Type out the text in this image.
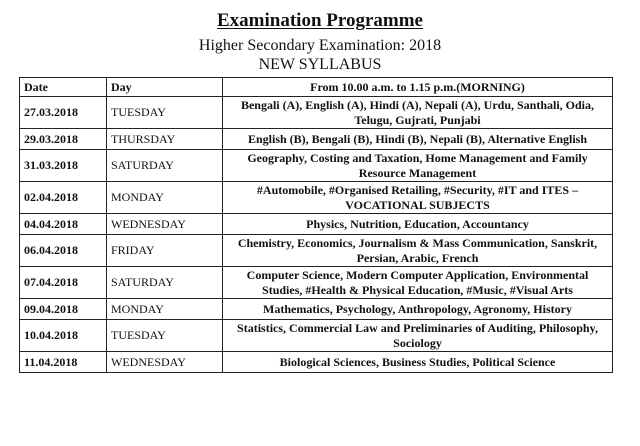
Examination Programme
Higher Secondary Examination: 2018
NEW SYLLABUS
Date	Day	From 10.00 a.m. to 1.15 p.m.(MORNING)
27.03.2018	TUESDAY	Bengali (A), English (A), Hindi (A), Nepali (A), Urdu, Santhali, Odia, Telugu, Gujrati, Punjabi
29.03.2018	THURSDAY	English (B), Bengali (B), Hindi (B), Nepali (B), Alternative English
31.03.2018	SATURDAY	Geography, Costing and Taxation, Home Management and Family Resource Management
02.04.2018	MONDAY	#Automobile, #Organised Retailing, #Security, #IT and ITES – VOCATIONAL SUBJECTS
04.04.2018	WEDNESDAY	Physics, Nutrition, Education, Accountancy
06.04.2018	FRIDAY	Chemistry, Economics, Journalism & Mass Communication, Sanskrit, Persian, Arabic, French
07.04.2018	SATURDAY	Computer Science, Modern Computer Application, Environmental Studies, #Health & Physical Education, #Music, #Visual Arts
09.04.2018	MONDAY	Mathematics, Psychology, Anthropology, Agronomy, History
10.04.2018	TUESDAY	Statistics, Commercial Law and Preliminaries of Auditing, Philosophy, Sociology
11.04.2018	WEDNESDAY	Biological Sciences, Business Studies, Political Science
